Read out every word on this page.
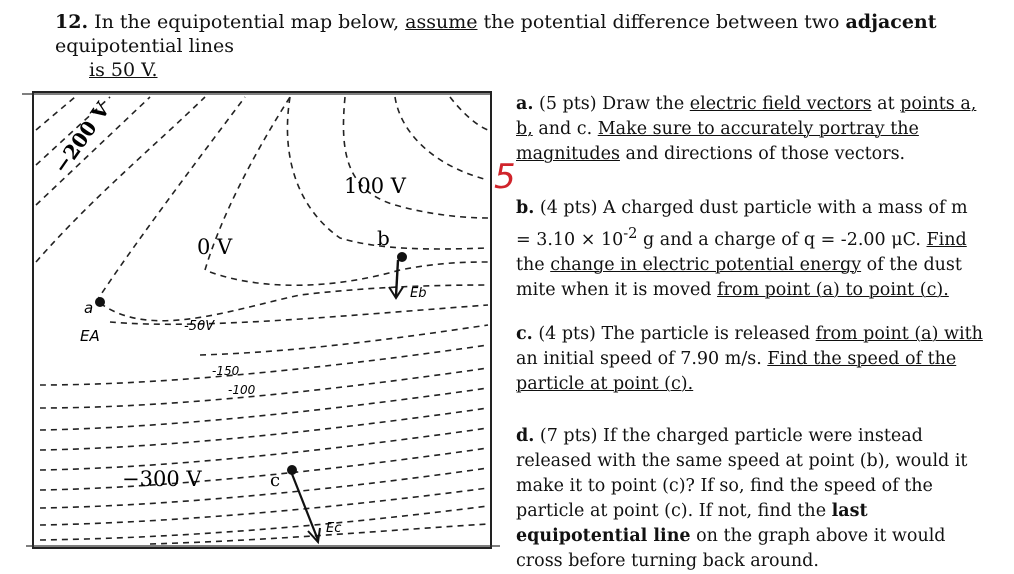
12. In the equipotential map below, assume the potential difference between two adjacent equipotential lines
is 50 V.
−200 V
0 V
100 V
−300 V
a
EA
b
Eb
c
Ec
-50V
-150
-100
5
a. (5 pts) Draw the electric field vectors at points a, b, and c. Make sure to accurately portray the magnitudes and directions of those vectors.
b. (4 pts) A charged dust particle with a mass of $m = 3.10 \times 10^{-2}$ g and a charge of q = -2.00 μC. Find the change in electric potential energy of the dust mite when it is moved from point (a) to point (c).
c. (4 pts) The particle is released from point (a) with an initial speed of 7.90 m/s. Find the speed of the particle at point (c).
d. (7 pts) If the charged particle were instead released with the same speed at point (b), would it make it to point (c)? If so, find the speed of the particle at point (c). If not, find the last equipotential line on the graph above it would cross before turning back around.
